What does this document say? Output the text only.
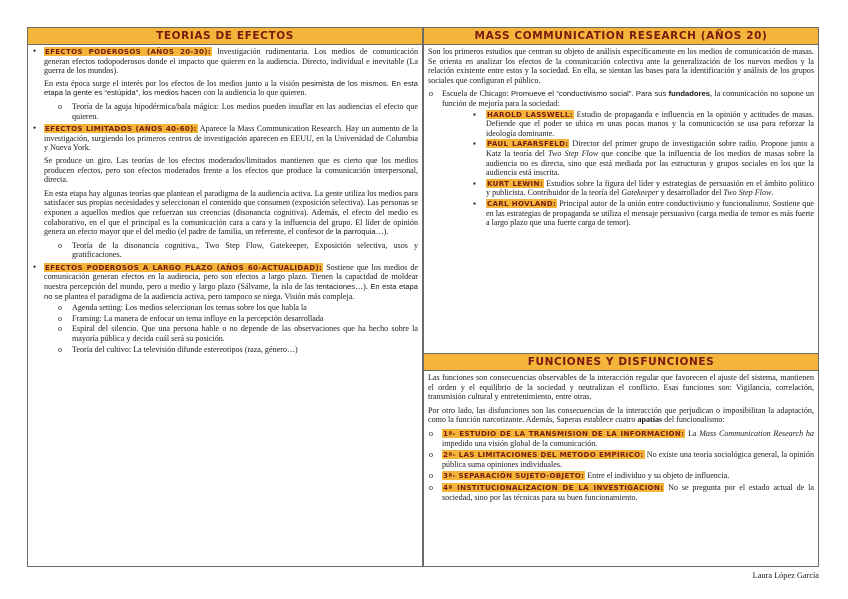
TEORIAS DE EFECTOS
• EFECTOS PODEROSOS (AÑOS 20-30): Investigación rudimentaria. Los medios de comunicación generan efectos todopoderosos donde el impacto que quieren en la audiencia. Directo, individual e inevitable (La guerra de los mundos).

En esta época surge el interés por los efectos de los medios junto a la visión pesimista de los mismos. En esta etapa la gente es “estúpida”, los medios hacen con la audiencia lo que quieren.

o Teoría de la aguja hipodérmica/bala mágica: Los medios pueden insuflar en las audiencias el efecto que quieren.
• EFECTOS LIMITADOS (AÑOS 40-60): Aparece la Mass Communication Research. Hay un aumento de la investigación, surgiendo los primeros centros de investigación aparecen en EEUU, en la Universidad de Columbia y Nueva York.

Se produce un giro. Las teorías de los efectos moderados/limitados mantienen que es cierto que los medios producen efectos, pero son efectos moderados frente a los efectos que produce la comunicación interpersonal, directa.

En esta etapa hay algunas teorías que plantean el paradigma de la audiencia activa. La gente utiliza los medios para satisfacer sus propias necesidades y seleccionan el contenido que consumen (exposición selectiva). Las personas se exponen a aquellos medios que refuerzan sus creencias (disonancia cognitiva). Además, el efecto del medio es colaborativo, en el que el principal es la comunicación cara a cara y la influencia del grupo. El líder de opinión genera un efecto mayor que el del medio (el padre de familia, un referente, el confesor de la parroquia…).

o Teoría de la disonancia cognitiva., Two Step Flow, Gatekeeper, Exposición selectiva, usos y gratificaciones.
• EFECTOS PODEROSOS A LARGO PLAZO (AÑOS 60-ACTUALIDAD): Sostiene que los medios de comunicación generan efectos en la audiencia, pero son efectos a largo plazo. Tienen la capacidad de moldear nuestra percepción del mundo, pero a medio y largo plazo (Sálvame, la isla de las tentaciones…). En esta etapa no se plantea el paradigma de la audiencia activa, pero tampoco se niega. Visión más compleja.
o Agenda setting: Los medios seleccionan los temas sobre los que habla la
o Framing: La manera de enfocar un tema influye en la percepción desarrollada
o Espiral del silencio. Que una persona hable o no depende de las observaciones que ha hecho sobre la mayoría pública y decida cuál será su posición.
o Teoría del cultivo: La televisión difunde estereotipos (raza, género…)
MASS COMMUNICATION RESEARCH (AÑOS 20)

Son los primeros estudios que centran su objeto de análisis específicamente en los medios de comunicación de masas. Se orienta en analizar los efectos de la comunicación colectiva ante la generalización de los nuevos medios y la relación existente entre estos y la sociedad. En ella, se sientan las bases para la identificación y análisis de los grupos sociales que configuran el público.

o Escuela de Chicago: Promueve el “conductivismo social”. Para sus fundadores, la comunicación no supone un función de mejoría para la sociedad:
▪ HAROLD LASSWELL: Estudio de propaganda e influencia en la opinión y actitudes de masas. Defiende que el poder se ubica en unas pocas manos y la comunicación se usa para reforzar la ideología dominante.
▪ PAUL LAFARSFELD: Director del primer grupo de investigación sobre radio. Propone junto a Katz la teoría del Two Step Flow que concibe que la influencia de los medios de masas sobre la audiencia no es directa, sino que está mediada por las estructuras y grupos sociales en los que la audiencia está inscrita.
▪ KURT LEWIN: Estudios sobre la figura del líder y estrategias de persuasión en el ámbito político y publicista. Contribuidor de la teoría del Gatekeeper y desarrollador del Two Step Flow.
▪ CARL HOVLAND: Principal autor de la unión entre conductivismo y funcionalismo. Sostiene que en las estrategias de propaganda se utiliza el mensaje persuasivo (carga media de temor es más fuerte a largo plazo que una fuerte carga de temor).
FUNCIONES Y DISFUNCIONES

Las funciones son consecuencias observables de la interacción regular que favorecen el ajuste del sistema, mantienen el orden y el equilibrio de la sociedad y neutralizan el conflicto. Esas funciones son: Vigilancia, correlación, transmisión cultural y entretenimiento, entre otras.

Por otro lado, las disfunciones son las consecuencias de la interacción que perjudican o imposibilitan la adaptación, como la función narcotizante. Además, Saperas establece cuatro apatías del funcionalismo:

o 1ª- ESTUDIO DE LA TRANSMISION DE LA INFORMACION: La Mass Communication Research ha impedido una visión global de la comunicación.
o 2ª- LAS LIMITACIONES DEL METODO EMPIRICO: No existe una teoría sociológica general, la opinión pública suma opiniones individuales.
o 3ª- SEPARACIÓN SUJETO-OBJETO: Entre el individuo y su objeto de influencia.
o 4ª INSTITUCIONALIZACION DE LA INVESTIGACION: No se pregunta por el estado actual de la sociedad, sino por las técnicas para su buen funcionamiento.
Laura López García
